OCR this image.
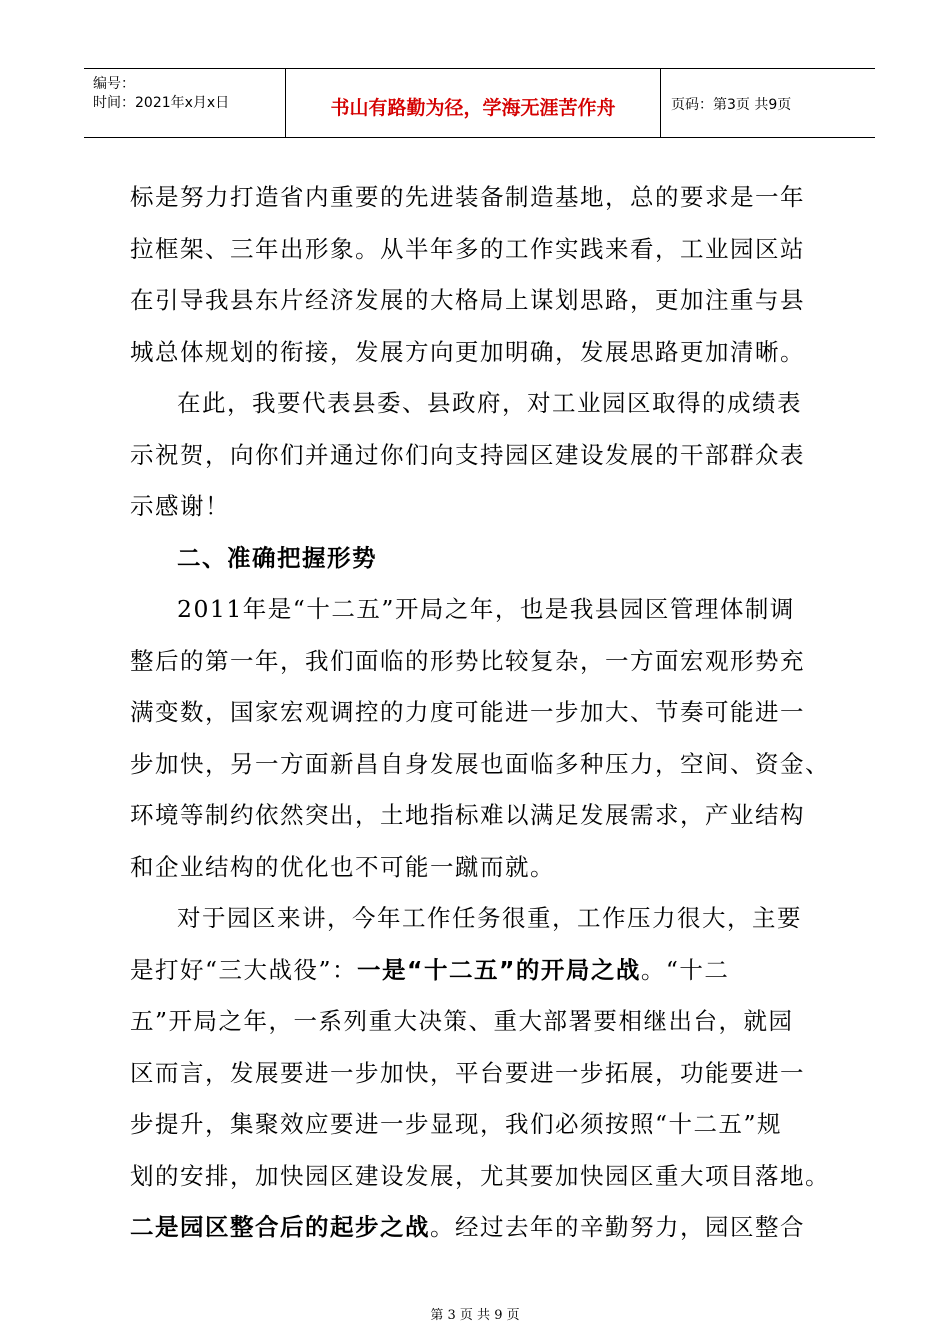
编号：
时间：2021年x月x日	书山有路勤为径，学海无涯苦作舟	页码：第3页 共9页
标是努力打造省内重要的先进装备制造基地，总的要求是一年
拉框架、三年出形象。从半年多的工作实践来看，工业园区站
在引导我县东片经济发展的大格局上谋划思路，更加注重与县
城总体规划的衔接，发展方向更加明确，发展思路更加清晰。
在此，我要代表县委、县政府，对工业园区取得的成绩表
示祝贺，向你们并通过你们向支持园区建设发展的干部群众表
示感谢！
二、准确把握形势
2011年是“十二五”开局之年，也是我县园区管理体制调
整后的第一年，我们面临的形势比较复杂，一方面宏观形势充
满变数，国家宏观调控的力度可能进一步加大、节奏可能进一
步加快，另一方面新昌自身发展也面临多种压力，空间、资金、
环境等制约依然突出，土地指标难以满足发展需求，产业结构
和企业结构的优化也不可能一蹴而就。
对于园区来讲，今年工作任务很重，工作压力很大，主要
是打好“三大战役”：一是“十二五”的开局之战。“十二
五”开局之年，一系列重大决策、重大部署要相继出台，就园
区而言，发展要进一步加快，平台要进一步拓展，功能要进一
步提升，集聚效应要进一步显现，我们必须按照“十二五”规
划的安排，加快园区建设发展，尤其要加快园区重大项目落地。
二是园区整合后的起步之战。经过去年的辛勤努力，园区整合
第 3 页 共 9 页
